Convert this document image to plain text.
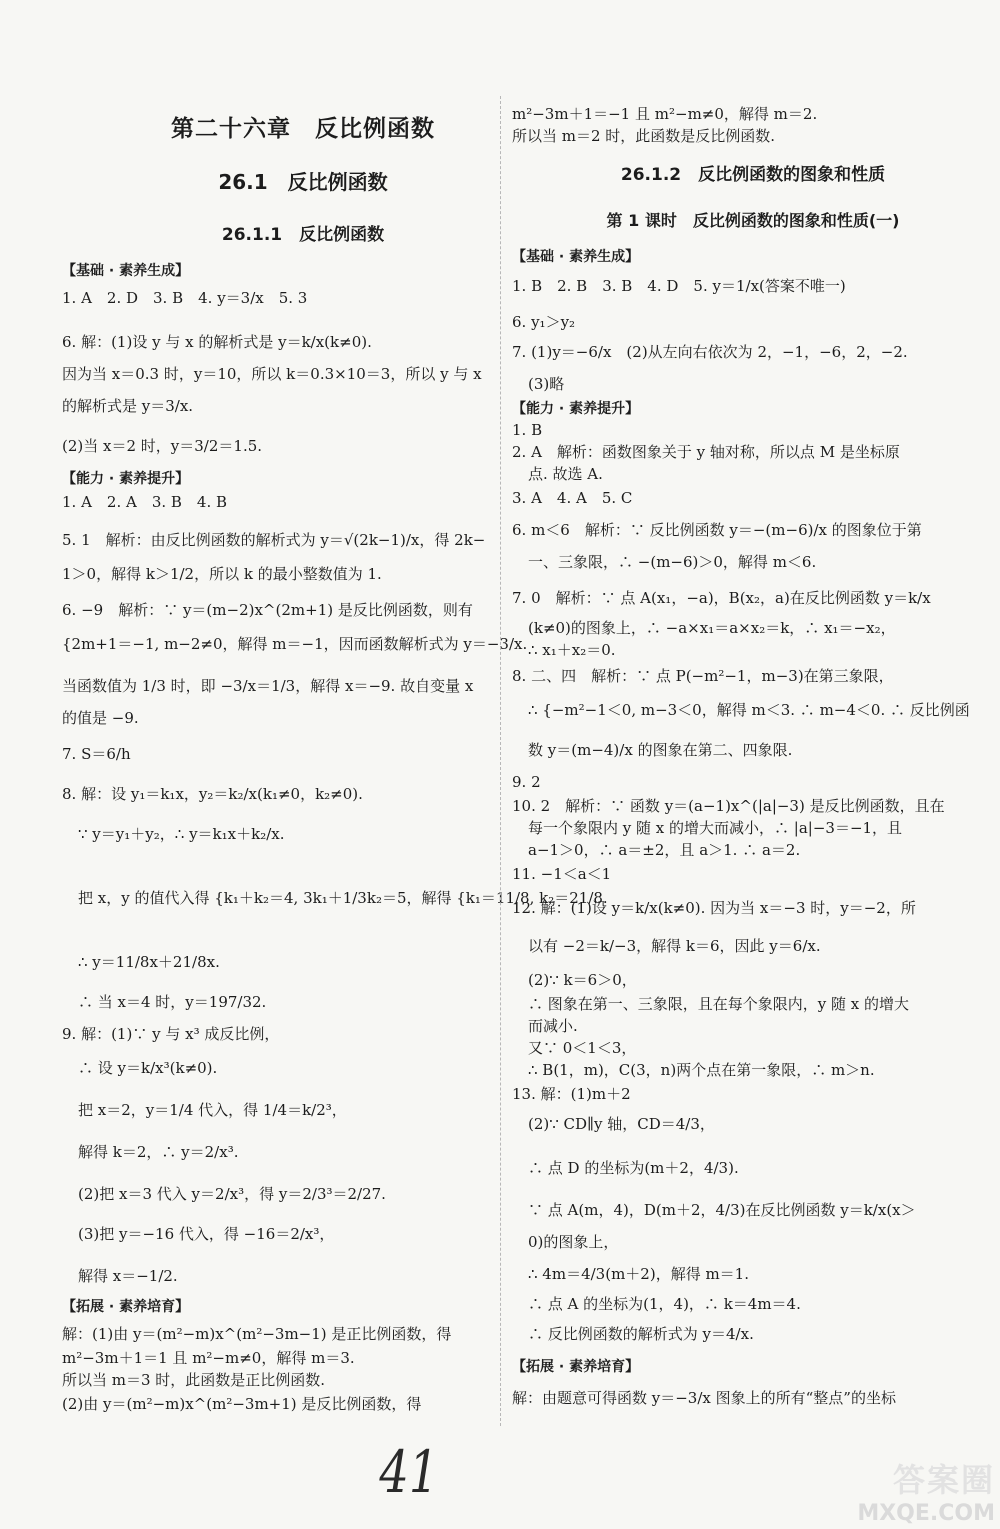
第二十六章　反比例函数
26.1　反比例函数
26.1.1　反比例函数
【基础 · 素养生成】
1. A　2. D　3. B　4. y＝3/x　5. 3
6. 解：(1)设 y 与 x 的解析式是 y＝k/x(k≠0).
因为当 x＝0.3 时，y＝10，所以 k＝0.3×10＝3，所以 y 与 x
的解析式是 y＝3/x.
(2)当 x＝2 时，y＝3/2＝1.5.
【能力 · 素养提升】
1. A　2. A　3. B　4. B
5. 1　解析：由反比例函数的解析式为 y＝√(2k−1)/x，得 2k−
1＞0，解得 k＞1/2，所以 k 的最小整数值为 1.
6. −9　解析：∵ y＝(m−2)x^(2m+1) 是反比例函数，则有
{2m+1＝−1, m−2≠0，解得 m＝−1，因而函数解析式为 y＝−3/x.
当函数值为 1/3 时，即 −3/x＝1/3，解得 x＝−9. 故自变量 x
的值是 −9.
7. S＝6/h
8. 解：设 y₁＝k₁x，y₂＝k₂/x(k₁≠0，k₂≠0).
∵ y＝y₁＋y₂，∴ y＝k₁x＋k₂/x.
把 x，y 的值代入得 {k₁＋k₂＝4, 3k₁＋1/3k₂＝5，解得 {k₁＝11/8, k₂＝21/8.
∴ y＝11/8x＋21/8x.
∴ 当 x＝4 时，y＝197/32.
9. 解：(1)∵ y 与 x³ 成反比例，
∴ 设 y＝k/x³(k≠0).
把 x＝2，y＝1/4 代入，得 1/4＝k/2³，
解得 k＝2，∴ y＝2/x³.
(2)把 x＝3 代入 y＝2/x³，得 y＝2/3³＝2/27.
(3)把 y＝−16 代入，得 −16＝2/x³，
解得 x＝−1/2.
【拓展 · 素养培育】
解：(1)由 y＝(m²−m)x^(m²−3m−1) 是正比例函数，得
m²−3m＋1＝1 且 m²−m≠0，解得 m＝3.
所以当 m＝3 时，此函数是正比例函数.
(2)由 y＝(m²−m)x^(m²−3m+1) 是反比例函数，得
m²−3m＋1＝−1 且 m²−m≠0，解得 m＝2.
所以当 m＝2 时，此函数是反比例函数.
26.1.2　反比例函数的图象和性质
第 1 课时　反比例函数的图象和性质(一)
【基础 · 素养生成】
1. B　2. B　3. B　4. D　5. y＝1/x(答案不唯一)
6. y₁＞y₂
7. (1)y＝−6/x　(2)从左向右依次为 2，−1，−6，2，−2.
(3)略
【能力 · 素养提升】
1. B
2. A　解析：函数图象关于 y 轴对称，所以点 M 是坐标原
点. 故选 A.
3. A　4. A　5. C
6. m＜6　解析：∵ 反比例函数 y＝−(m−6)/x 的图象位于第
一、三象限，∴ −(m−6)＞0，解得 m＜6.
7. 0　解析：∵ 点 A(x₁，−a)，B(x₂，a)在反比例函数 y＝k/x
(k≠0)的图象上，∴ −a×x₁＝a×x₂＝k，∴ x₁＝−x₂，
∴ x₁＋x₂＝0.
8. 二、四　解析：∵ 点 P(−m²−1，m−3)在第三象限，
∴ {−m²−1＜0, m−3＜0，解得 m＜3. ∴ m−4＜0. ∴ 反比例函
数 y＝(m−4)/x 的图象在第二、四象限.
9. 2
10. 2　解析：∵ 函数 y＝(a−1)x^(|a|−3) 是反比例函数，且在
每一个象限内 y 随 x 的增大而减小，∴ |a|−3＝−1，且
a−1＞0，∴ a＝±2，且 a＞1. ∴ a＝2.
11. −1＜a＜1
12. 解：(1)设 y＝k/x(k≠0). 因为当 x＝−3 时，y＝−2，所
以有 −2＝k/−3，解得 k＝6，因此 y＝6/x.
(2)∵ k＝6＞0，
∴ 图象在第一、三象限，且在每个象限内，y 随 x 的增大
而减小.
又∵ 0＜1＜3，
∴ B(1，m)，C(3，n)两个点在第一象限，∴ m＞n.
13. 解：(1)m＋2
(2)∵ CD∥y 轴，CD＝4/3，
∴ 点 D 的坐标为(m＋2，4/3).
∵ 点 A(m，4)，D(m＋2，4/3)在反比例函数 y＝k/x(x＞
0)的图象上，
∴ 4m＝4/3(m＋2)，解得 m＝1.
∴ 点 A 的坐标为(1，4)，∴ k＝4m＝4.
∴ 反比例函数的解析式为 y＝4/x.
【拓展 · 素养培育】
解：由题意可得函数 y＝−3/x 图象上的所有“整点”的坐标
41	答案圈
MXQE.COM
